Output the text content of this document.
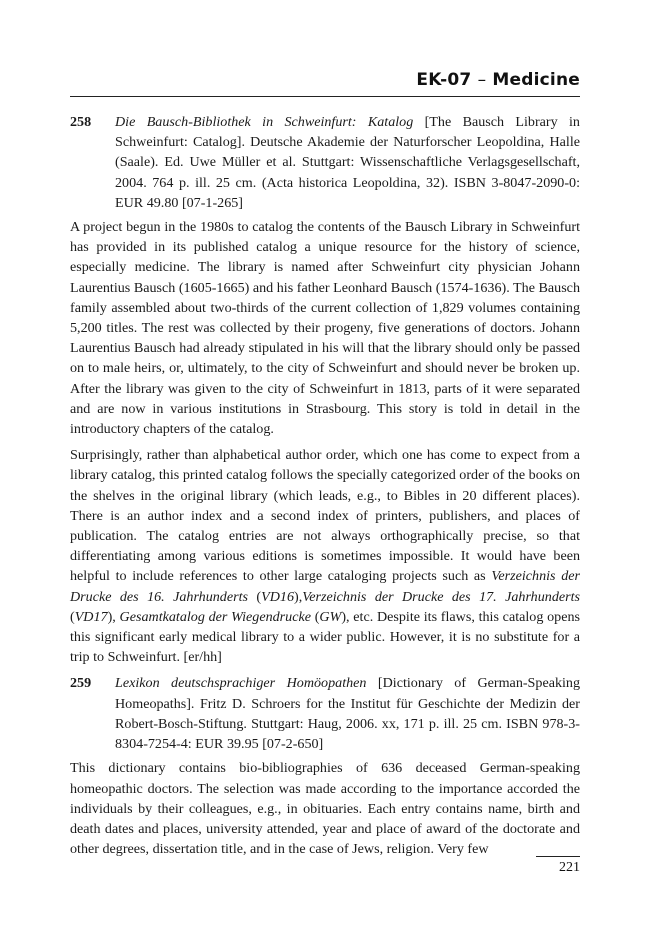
EK-07 – Medicine
258	Die Bausch-Bibliothek in Schweinfurt: Katalog [The Bausch Library in Schweinfurt: Catalog]. Deutsche Akademie der Naturforscher Leopoldina, Halle (Saale). Ed. Uwe Müller et al. Stuttgart: Wissenschaftliche Verlagsgesellschaft, 2004. 764 p. ill. 25 cm. (Acta historica Leopoldina, 32). ISBN 3-8047-2090-0: EUR 49.80 [07-1-265]

A project begun in the 1980s to catalog the contents of the Bausch Library in Schweinfurt has provided in its published catalog a unique resource for the history of science, especially medicine. The library is named after Schweinfurt city physician Johann Laurentius Bausch (1605-1665) and his father Leonhard Bausch (1574-1636). The Bausch family assembled about two-thirds of the current collection of 1,829 volumes containing 5,200 titles. The rest was collected by their progeny, five generations of doctors. Johann Laurentius Bausch had already stipulated in his will that the library should only be passed on to male heirs, or, ultimately, to the city of Schweinfurt and should never be broken up. After the library was given to the city of Schweinfurt in 1813, parts of it were separated and are now in various institutions in Strasbourg. This story is told in detail in the introductory chapters of the catalog.

Surprisingly, rather than alphabetical author order, which one has come to expect from a library catalog, this printed catalog follows the specially categorized order of the books on the shelves in the original library (which leads, e.g., to Bibles in 20 different places). There is an author index and a second index of printers, publishers, and places of publication. The catalog entries are not always orthographically precise, so that differentiating among various editions is sometimes impossible. It would have been helpful to include references to other large cataloging projects such as Verzeichnis der Drucke des 16. Jahrhunderts (VD16),Verzeichnis der Drucke des 17. Jahrhunderts (VD17), Gesamtkatalog der Wiegendrucke (GW), etc. Despite its flaws, this catalog opens this significant early medical library to a wider public. However, it is no substitute for a trip to Schweinfurt. [er/hh]

259	Lexikon deutschsprachiger Homöopathen [Dictionary of German-Speaking Homeopaths]. Fritz D. Schroers for the Institut für Geschichte der Medizin der Robert-Bosch-Stiftung. Stuttgart: Haug, 2006. xx, 171 p. ill. 25 cm. ISBN 978-3-8304-7254-4: EUR 39.95 [07-2-650]

This dictionary contains bio-bibliographies of 636 deceased German-speaking homeopathic doctors. The selection was made according to the importance accorded the individuals by their colleagues, e.g., in obituaries. Each entry contains name, birth and death dates and places, university attended, year and place of award of the doctorate and other degrees, dissertation title, and in the case of Jews, religion. Very few

221
